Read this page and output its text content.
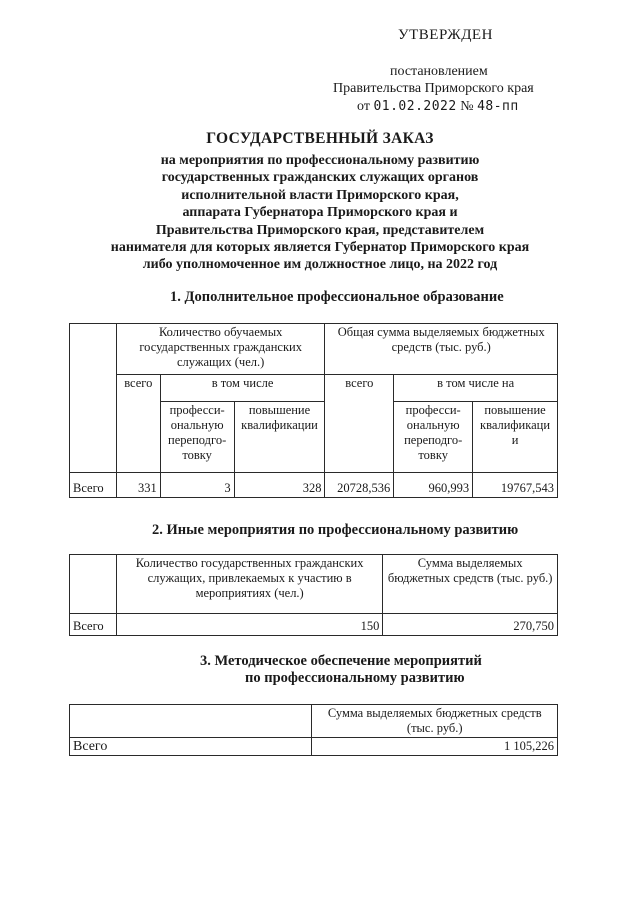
УТВЕРЖДЕН
постановлением
Правительства Приморского края
от 01.02.2022 № 48-пп
ГОСУДАРСТВЕННЫЙ ЗАКАЗ
на мероприятия по профессиональному развитию
государственных гражданских служащих органов
исполнительной власти Приморского края,
аппарата Губернатора Приморского края и
Правительства Приморского края, представителем
нанимателя для которых является Губернатор Приморского края
либо уполномоченное им должностное лицо, на 2022 год
1. Дополнительное профессиональное образование
	Количество обучаемых государственных гражданских служащих (чел.)			Общая сумма выделяемых бюджетных средств (тыс. руб.)		
	всего	в том числе		всего	в том числе на	
		професси-ональную переподго-товку	повышение квалификации		професси-ональную переподго-товку	повышение квалификаци и
Всего	331	3	328	20728,536	960,993	19767,543
2. Иные мероприятия по профессиональному развитию
	Количество государственных гражданских служащих, привлекаемых к участию в мероприятиях (чел.)	Сумма выделяемых бюджетных средств (тыс. руб.)
Всего	150	270,750
3. Методическое обеспечение мероприятий
по профессиональному развитию
	Сумма выделяемых бюджетных средств (тыс. руб.)
Всего	1 105,226
